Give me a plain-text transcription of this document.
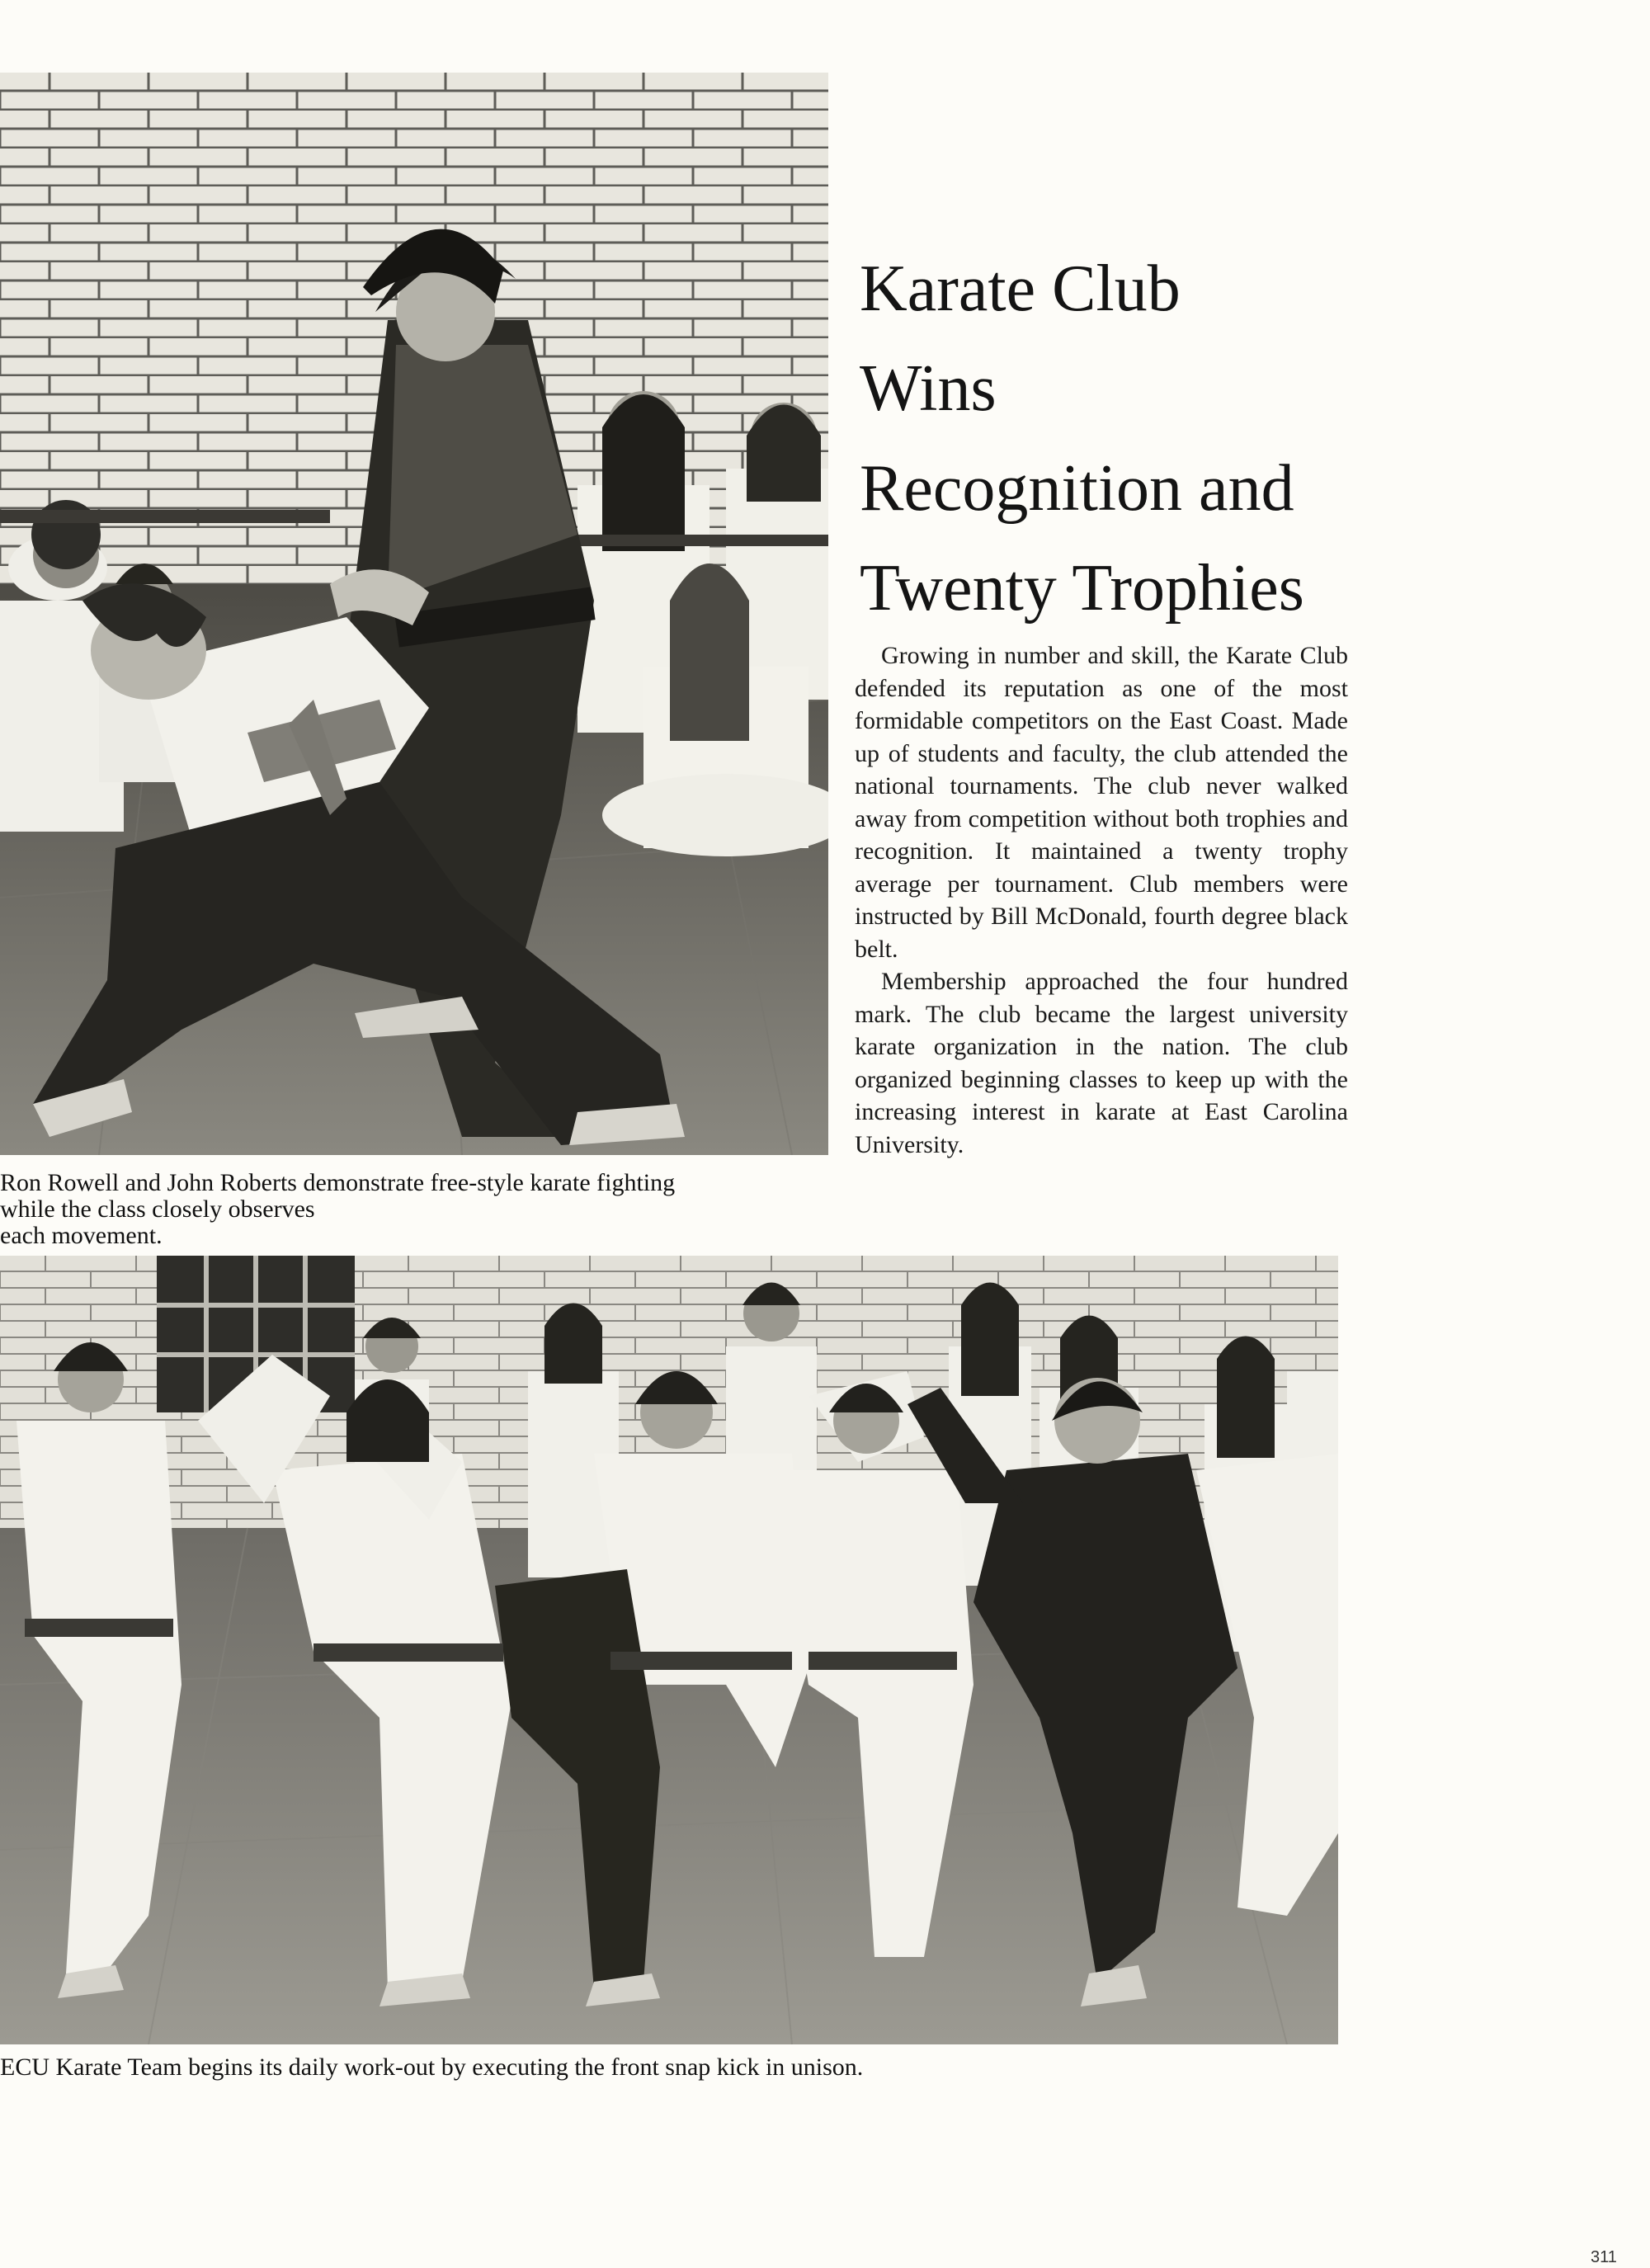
Ron Rowell and John Roberts demonstrate free-style karate fighting
while the class closely observes
each movement.

Karate Club
Wins
Recognition and
Twenty Trophies

Growing in number and skill, the Karate Club defended its reputation as one of the most formidable competitors on the East Coast. Made up of students and faculty, the club attended the national tournaments. The club never walked away from competition without both trophies and recognition. It maintained a twenty trophy average per tournament. Club members were instructed by Bill McDonald, fourth degree black belt.

Membership approached the four hundred mark. The club became the largest university karate organization in the nation. The club organized beginning classes to keep up with the increasing interest in karate at East Carolina University.

ECU Karate Team begins its daily work-out by executing the front snap kick in unison.

311
